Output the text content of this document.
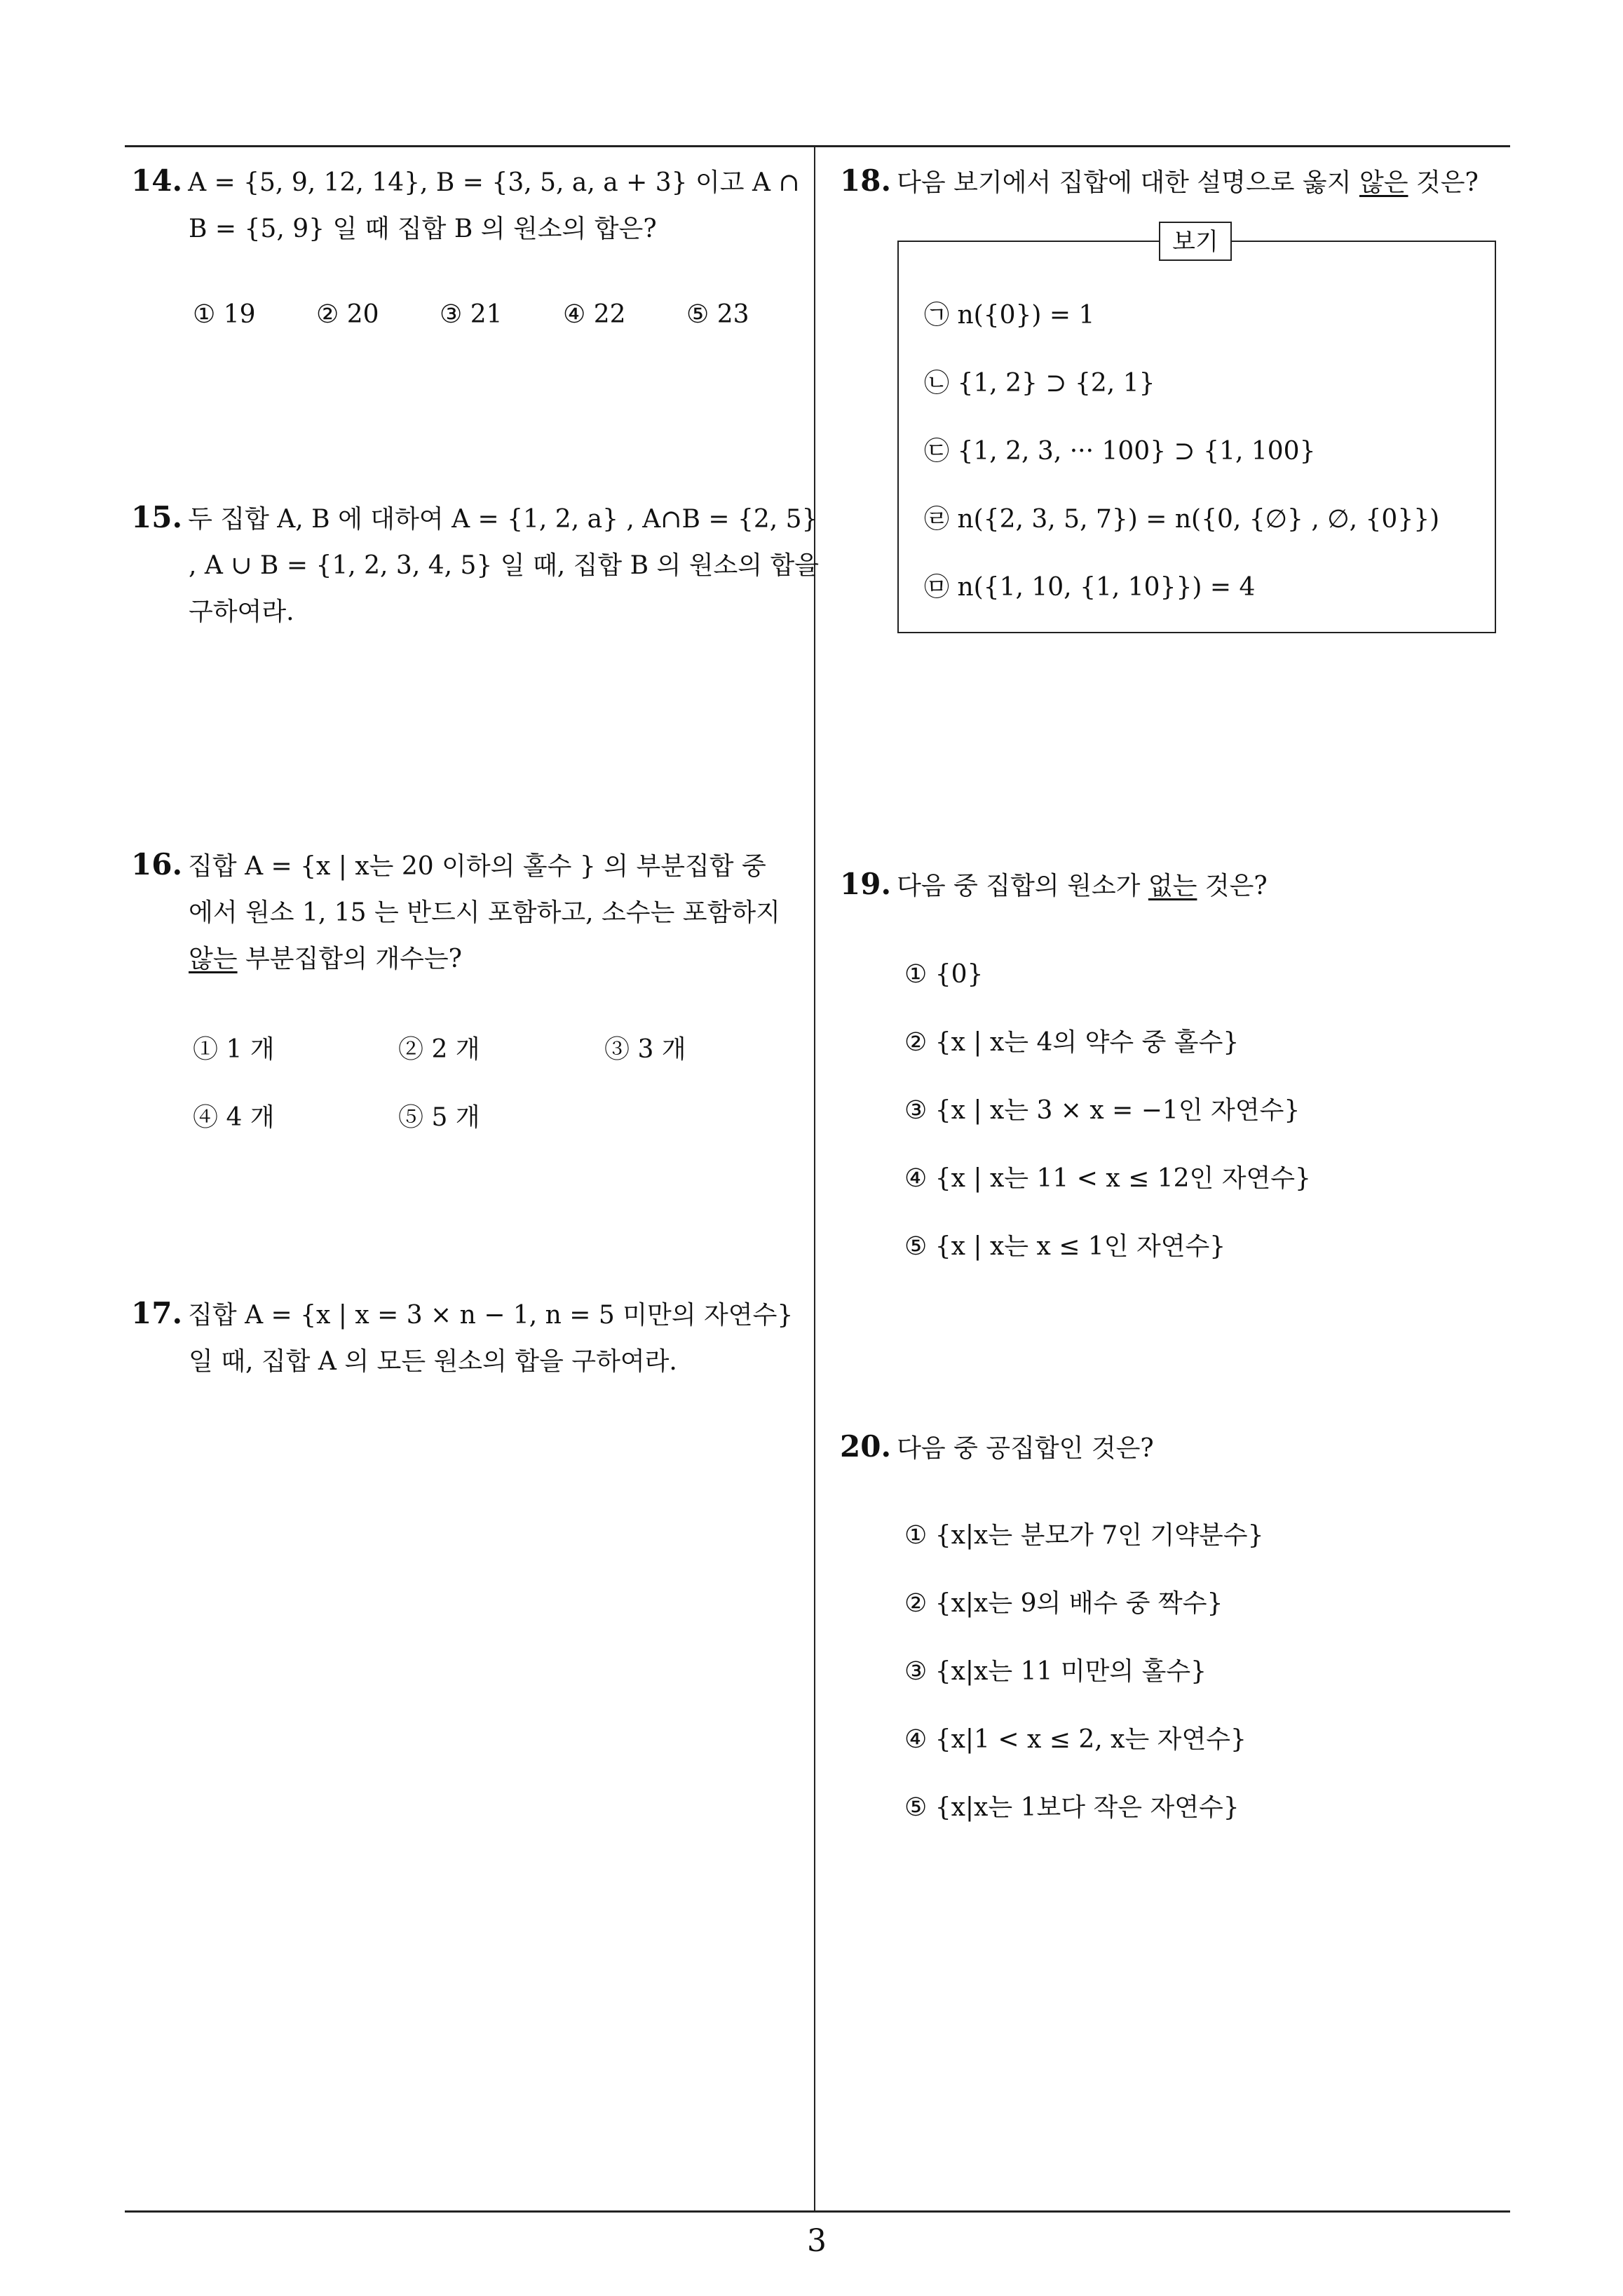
14. A = {5, 9, 12, 14}, B = {3, 5, a, a + 3} 이고 A ∩
B = {5, 9} 일 때 집합 B 의 원소의 합은?
① 19 ② 20 ③ 21 ④ 22 ⑤ 23
15. 두 집합 A, B 에 대하여 A = {1, 2, a} , A∩B = {2, 5}
, A ∪ B = {1, 2, 3, 4, 5} 일 때, 집합 B 의 원소의 합을
구하여라.
16. 집합 A = {x | x는 20 이하의 홀수 } 의 부분집합 중
에서 원소 1, 15 는 반드시 포함하고, 소수는 포함하지
않는 부분집합의 개수는?
① 1 개	② 2 개	③ 3 개
④ 4 개	⑤ 5 개
17. 집합 A = {x | x = 3 × n − 1, n = 5 미만의 자연수}
일 때, 집합 A 의 모든 원소의 합을 구하여라.
18. 다음 보기에서 집합에 대한 설명으로 옳지 않은 것은?
보기
㉠ n({0}) = 1
㉡ {1, 2} ⊃ {2, 1}
㉢ {1, 2, 3, ··· 100} ⊃ {1, 100}
㉣ n({2, 3, 5, 7}) = n({0, {∅} , ∅, {0}})
㉤ n({1, 10, {1, 10}}) = 4
19. 다음 중 집합의 원소가 없는 것은?
① {0}
② {x | x는 4의 약수 중 홀수}
③ {x | x는 3 × x = −1인 자연수}
④ {x | x는 11 < x ≤ 12인 자연수}
⑤ {x | x는 x ≤ 1인 자연수}
20. 다음 중 공집합인 것은?
① {x|x는 분모가 7인 기약분수}
② {x|x는 9의 배수 중 짝수}
③ {x|x는 11 미만의 홀수}
④ {x|1 < x ≤ 2, x는 자연수}
⑤ {x|x는 1보다 작은 자연수}
3
